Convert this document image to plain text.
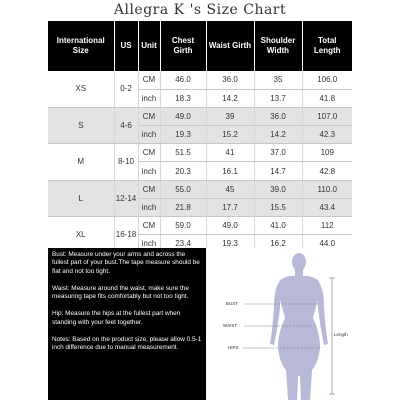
Allegra K 's Size Chart
International Size	US	Unit	Chest Girth	Waist Girth	Shoulder Width	Total Length
XS	0-2	CM	46.0	36.0	35	106.0
		inch	18.3	14.2	13.7	41.8
S	4-6	CM	49.0	39	36.0	107.0
		inch	19.3	15.2	14.2	42.3
M	8-10	CM	51.5	41	37.0	109
		inch	20.3	16.1	14.7	42.8
L	12-14	CM	55.0	45	39.0	110.0
		inch	21.8	17.7	15.5	43.4
XL	16-18	CM	59.0	49.0	41.0	112
		inch	23.4	19.3	16.2	44.0

Bust: Measure under your arms and across the fullest part of your bust.The tape measure should be flat and not too tight.

Waist: Measure around the waist, make sure the measuring tape fits comfortably but not too tight.

Hip: Measure the hips at the fullest part when standing with your feet together.

Notes: Based on the product size, please allow 0.5-1 inch difference due to manual measurement.

BUST
WAIST
HIPS
Length
